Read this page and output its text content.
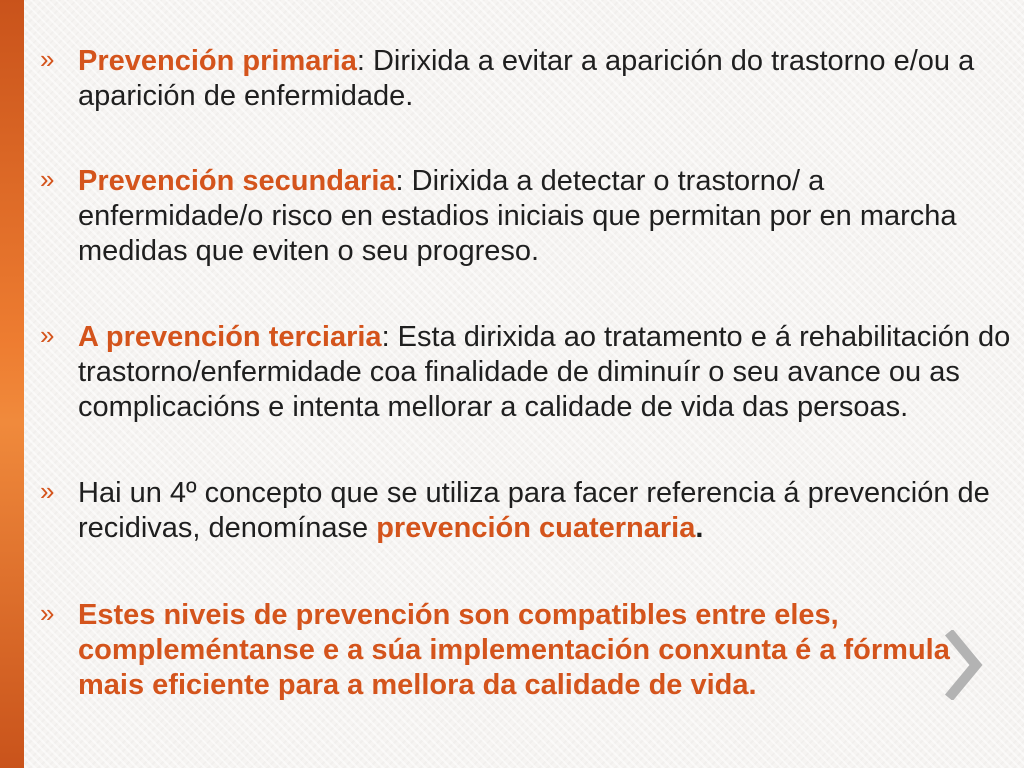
» Prevención primaria: Dirixida a evitar a aparición do trastorno e/ou a aparición de enfermidade.
» Prevención secundaria: Dirixida a detectar o trastorno/ a enfermidade/o risco en estadios iniciais que permitan por en marcha medidas que eviten o seu progreso.
» A prevención terciaria: Esta dirixida ao tratamento e á rehabilitación do trastorno/enfermidade coa finalidade de diminuír o seu avance ou as complicacións e intenta mellorar a calidade de vida das persoas.
» Hai un 4º concepto que se utiliza para facer referencia á prevención de recidivas, denomínase prevención cuaternaria.
» Estes niveis de prevención son compatibles entre eles, compleméntanse e a súa implementación conxunta é a fórmula mais eficiente para a mellora da calidade de vida.
